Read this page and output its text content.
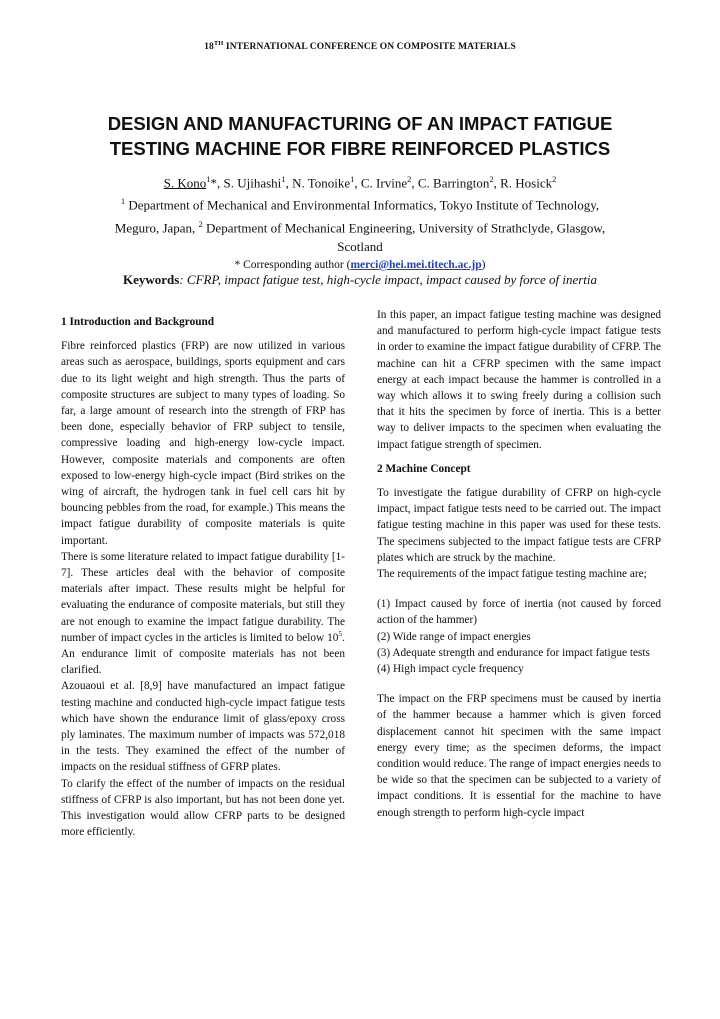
18TH INTERNATIONAL CONFERENCE ON COMPOSITE MATERIALS
DESIGN AND MANUFACTURING OF AN IMPACT FATIGUE
TESTING MACHINE FOR FIBRE REINFORCED PLASTICS
S. Kono$^1$*, S. Ujihashi$^1$, N. Tonoike$^1$, C. Irvine$^2$, C. Barrington$^2$, R. Hosick$^2$
$^1$ Department of Mechanical and Environmental Informatics, Tokyo Institute of Technology,
Meguro, Japan, $^2$ Department of Mechanical Engineering, University of Strathclyde, Glasgow,
Scotland
* Corresponding author (merci@hei.mei.titech.ac.jp)
Keywords: CFRP, impact fatigue test, high-cycle impact, impact caused by force of inertia
1 Introduction and Background

Fibre reinforced plastics (FRP) are now utilized in various areas such as aerospace, buildings, sports equipment and cars due to its light weight and high strength. Thus the parts of composite structures are subject to many types of loading. So far, a large amount of research into the strength of FRP has been done, especially behavior of FRP subject to tensile, compressive loading and high-energy low-cycle impact. However, composite materials and components are often exposed to low-energy high-cycle impact (Bird strikes on the wing of aircraft, the hydrogen tank in fuel cell cars hit by bouncing pebbles from the road, for example.) This means the impact fatigue durability of composite materials is quite important.

There is some literature related to impact fatigue durability [1-7]. These articles deal with the behavior of composite materials after impact. These results might be helpful for evaluating the endurance of composite materials, but still they are not enough to examine the impact fatigue durability. The number of impact cycles in the articles is limited to below $10^5$. An endurance limit of composite materials has not been clarified.

Azouaoui et al. [8,9] have manufactured an impact fatigue testing machine and conducted high-cycle impact fatigue tests which have shown the endurance limit of glass/epoxy cross ply laminates. The maximum number of impacts was 572,018 in the tests. They examined the effect of the number of impacts on the residual stiffness of GFRP plates.

To clarify the effect of the number of impacts on the residual stiffness of CFRP is also important, but has not been done yet. This investigation would allow CFRP parts to be designed more efficiently.

In this paper, an impact fatigue testing machine was designed and manufactured to perform high-cycle impact fatigue tests in order to examine the impact fatigue durability of CFRP. The machine can hit a CFRP specimen with the same impact energy at each impact because the hammer is controlled in a way which allows it to swing freely during a collision such that it hits the specimen by force of inertia. This is a better way to deliver impacts to the specimen when evaluating the impact fatigue strength of specimen.

2 Machine Concept

To investigate the fatigue durability of CFRP on high-cycle impact, impact fatigue tests need to be carried out. The impact fatigue testing machine in this paper was used for these tests. The specimens subjected to the impact fatigue tests are CFRP plates which are struck by the machine.

The requirements of the impact fatigue testing machine are;

(1) Impact caused by force of inertia (not caused by forced action of the hammer)

(2) Wide range of impact energies

(3) Adequate strength and endurance for impact fatigue tests

(4) High impact cycle frequency

The impact on the FRP specimens must be caused by inertia of the hammer because a hammer which is given forced displacement cannot hit specimen with the same impact energy every time; as the specimen deforms, the impact condition would reduce. The range of impact energies needs to be wide so that the specimen can be subjected to a variety of impact conditions. It is essential for the machine to have enough strength to perform high-cycle impact
